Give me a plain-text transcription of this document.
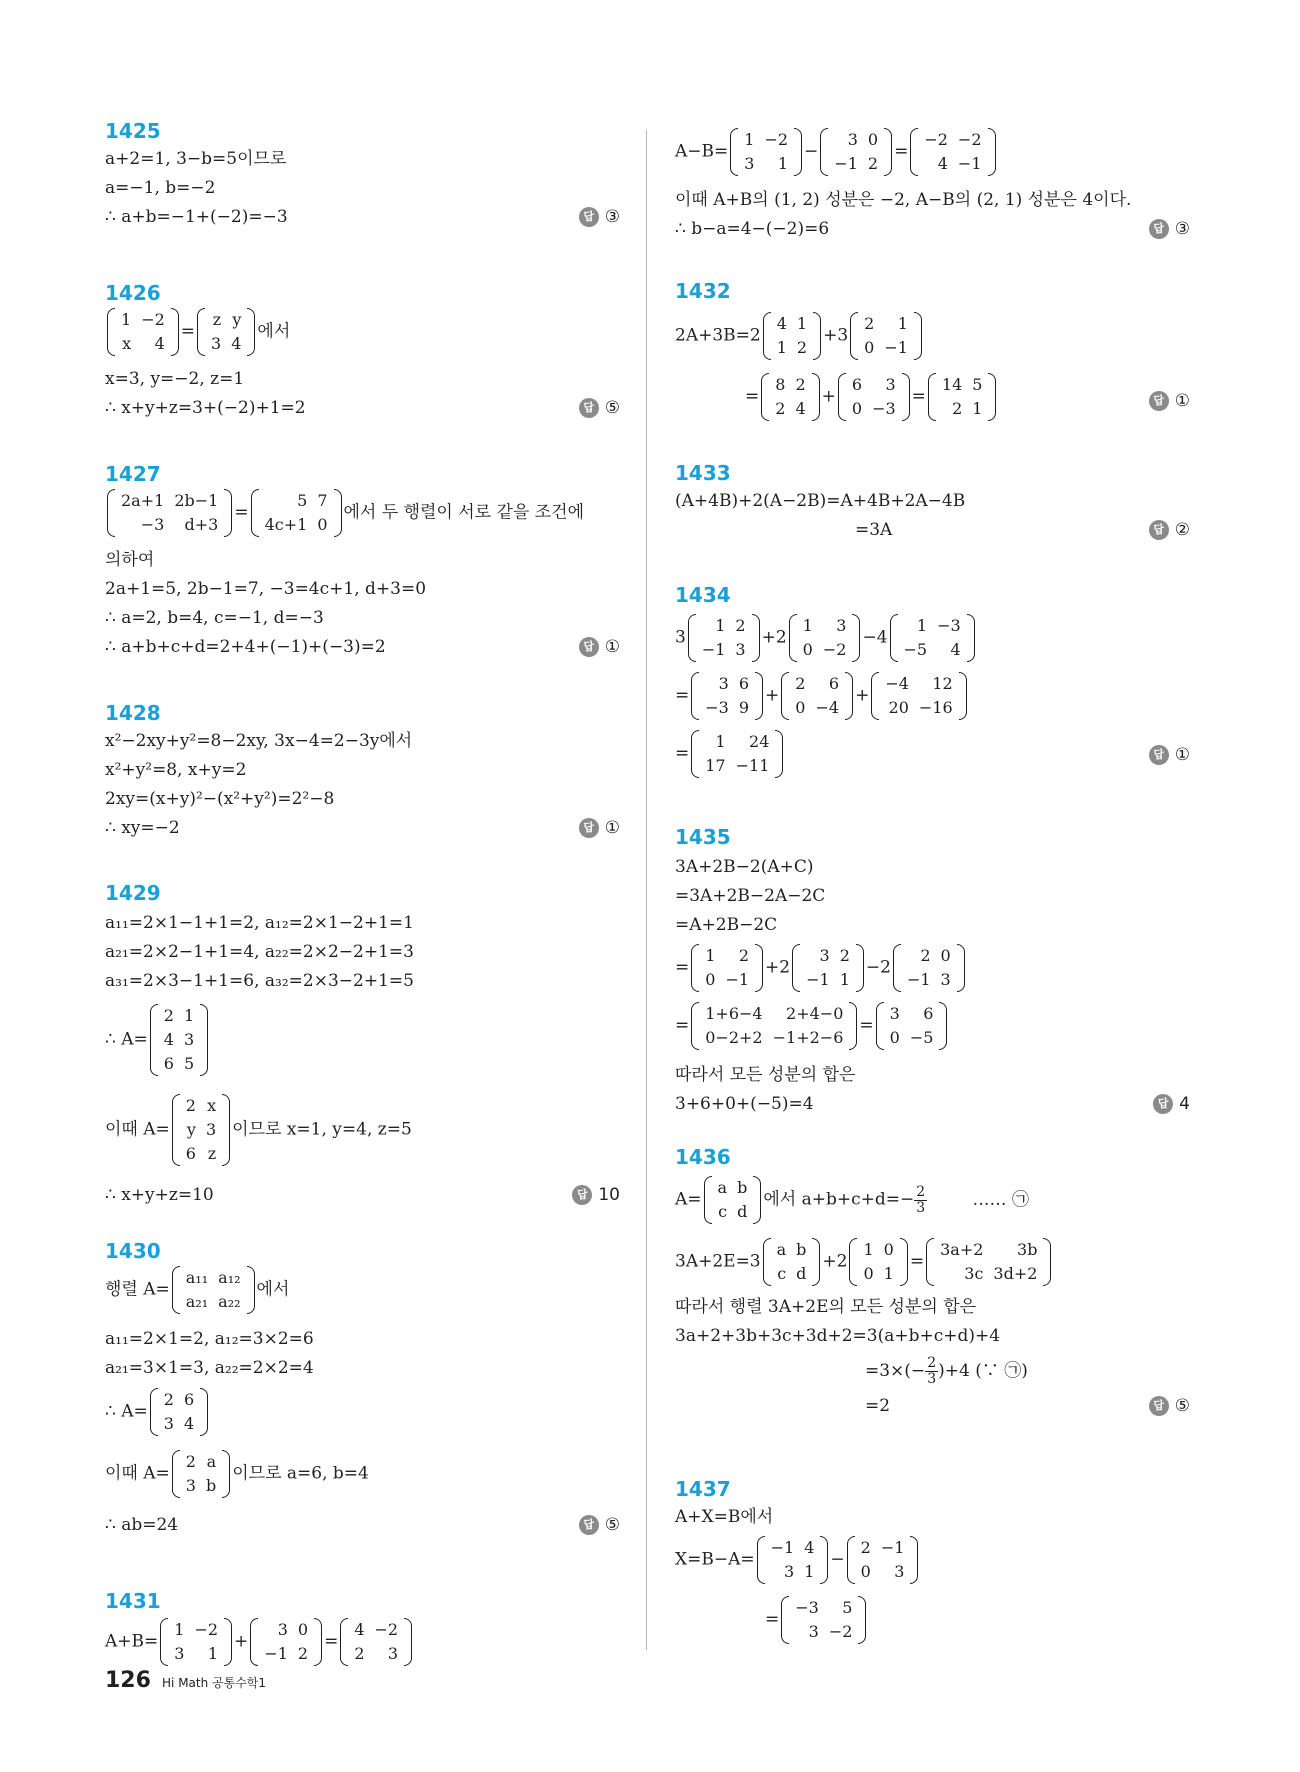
1425
a+2=1, 3−b=5이므로
a=−1, b=−2
∴ a+b=−1+(−2)=−3	답 ③
1426
1	−2
x	4
=
z	y
3	4
에서
x=3, y=−2, z=1
∴ x+y+z=3+(−2)+1=2	답 ⑤
1427
2a+1	2b−1
−3	d+3
=
5	7
4c+1	0
에서 두 행렬이 서로 같을 조건에
의하여
2a+1=5, 2b−1=7, −3=4c+1, d+3=0
∴ a=2, b=4, c=−1, d=−3
∴ a+b+c+d=2+4+(−1)+(−3)=2	답 ①
1428
x²−2xy+y²=8−2xy, 3x−4=2−3y에서
x²+y²=8, x+y=2
2xy=(x+y)²−(x²+y²)=2²−8
∴ xy=−2	답 ①
1429
a₁₁=2×1−1+1=2, a₁₂=2×1−2+1=1
a₂₁=2×2−1+1=4, a₂₂=2×2−2+1=3
a₃₁=2×3−1+1=6, a₃₂=2×3−2+1=5
∴ A=
2	1
4	3
6	5
이때 A=
2	x
y	3
6	z
이므로 x=1, y=4, z=5
∴ x+y+z=10	답 10
1430
행렬 A=
a₁₁	a₁₂
a₂₁	a₂₂
에서
a₁₁=2×1=2, a₁₂=3×2=6
a₂₁=3×1=3, a₂₂=2×2=4
∴ A=
2	6
3	4
이때 A=
2	a
3	b
이므로 a=6, b=4
∴ ab=24	답 ⑤
1431
A+B=
1	−2
3	1
+
3	0
−1	2
=
4	−2
2	3
A−B=
1	−2
3	1
−
3	0
−1	2
=
−2	−2
4	−1
이때 A+B의 (1, 2) 성분은 −2, A−B의 (2, 1) 성분은 4이다.
∴ b−a=4−(−2)=6	답 ③
1432
2A+3B=2
4	1
1	2
+3
2	1
0	−1
=
8	2
2	4
+
6	3
0	−3
=
14	5
2	1	답 ①
1433
(A+4B)+2(A−2B)=A+4B+2A−4B
=3A	답 ②
1434
3
1	2
−1	3
+2
1	3
0	−2
−4
1	−3
−5	4
=
3	6
−3	9
+
2	6
0	−4
+
−4	12
20	−16
=
1	24
17	−11
답 ①
1435
3A+2B−2(A+C)
=3A+2B−2A−2C
=A+2B−2C
=
1	2
0	−1
+2
3	2
−1	1
−2
2	0
−1	3
=
1+6−4	2+4−0
0−2+2	−1+2−6
=
3	6
0	−5
따라서 모든 성분의 합은
3+6+0+(−5)=4	답 4
1436
A=
a	b
c	d
에서 $a+b+c+d=- \frac{2}{3}$	…… ㉠
3A+2E=3
a	b
c	d
+2
1	0
0	1
=
3a+2	3b
3c	3d+2
따라서 행렬 3A+2E의 모든 성분의 합은
3a+2+3b+3c+3d+2=3(a+b+c+d)+4
$=3\times(- \frac{2}{3} )+4$ (∵ ㉠)
=2	답 ⑤
1437
A+X=B에서
X=B−A=
−1	4
3	1
−
2	−1
0	3
=
−3	5
3	−2
126 Hi Math 공통수학1
